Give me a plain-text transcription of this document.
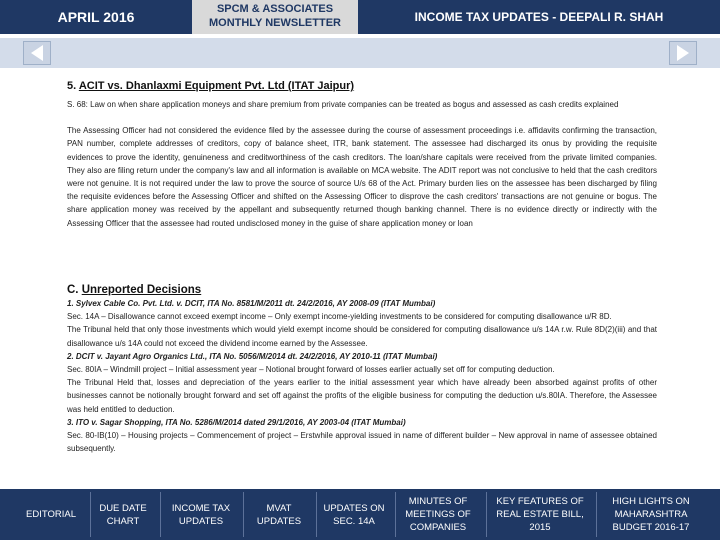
APRIL 2016	SPCM & ASSOCIATES
MONTHLY NEWSLETTER	INCOME TAX UPDATES - DEEPALI R. SHAH
5. ACIT vs. Dhanlaxmi Equipment Pvt. Ltd (ITAT Jaipur)
S. 68: Law on when share application moneys and share premium from private companies can be treated as bogus and assessed as cash credits explained
The Assessing Officer had not considered the evidence filed by the assessee during the course of assessment proceedings i.e. affidavits confirming the transaction, PAN number, complete addresses of creditors, copy of balance sheet, ITR, bank statement. The assessee had discharged its onus by providing the requisite evidences to prove the identity, genuineness and creditworthiness of the cash creditors. The loan/share capitals were received from the private limited companies. They also are filing return under the company's law and all information is available on MCA website. The ADIT report was not conclusive to held that the cash creditors were not genuine. It is not required under the law to prove the source of source U/s 68 of the Act. Primary burden lies on the assessee has been discharged by filing the requisite evidences before the Assessing Officer and shifted on the Assessing Officer to disprove the cash creditors' transactions are not genuine or bogus. The share application money was received by the appellant and subsequently returned though banking channel. There is no evidence directly or indirectly with the Assessing Officer that the assessee had routed undisclosed money in the guise of share application money or loan
C. Unreported Decisions
1. Sylvex Cable Co. Pvt. Ltd. v. DCIT, ITA No. 8581/M/2011 dt. 24/2/2016, AY 2008-09 (ITAT Mumbai)
Sec. 14A – Disallowance cannot exceed exempt income – Only exempt income-yielding investments to be considered for computing disallowance u/R 8D.
The Tribunal held that only those investments which would yield exempt income should be considered for computing disallowance u/s 14A r.w. Rule 8D(2)(iii) and that disallowance u/s 14A could not exceed the dividend income earned by the Assessee.
2. DCIT v. Jayant Agro Organics Ltd., ITA No. 5056/M/2014 dt. 24/2/2016, AY 2010-11 (ITAT Mumbai)
Sec. 80IA – Windmill project – Initial assessment year – Notional brought forward of losses earlier actually set off for computing deduction.
The Tribunal Held that, losses and depreciation of the years earlier to the initial assessment year which have already been absorbed against profits of other businesses cannot be notionally brought forward and set off against the profits of the eligible business for computing the deduction u/s.80IA. Therefore, the Assessee was held entitled to deduction.
3. ITO v. Sagar Shopping, ITA No. 5286/M/2014 dated 29/1/2016, AY 2003-04 (ITAT Mumbai)
Sec. 80-IB(10) – Housing projects – Commencement of project – Erstwhile approval issued in name of different builder – New approval in name of assessee obtained subsequently.
EDITORIAL
DUE DATE CHART
INCOME TAX UPDATES
MVAT UPDATES
UPDATES ON SEC. 14A
MINUTES OF MEETINGS OF COMPANIES
KEY FEATURES OF REAL ESTATE BILL, 2015
HIGH LIGHTS ON MAHARASHTRA BUDGET 2016-17
